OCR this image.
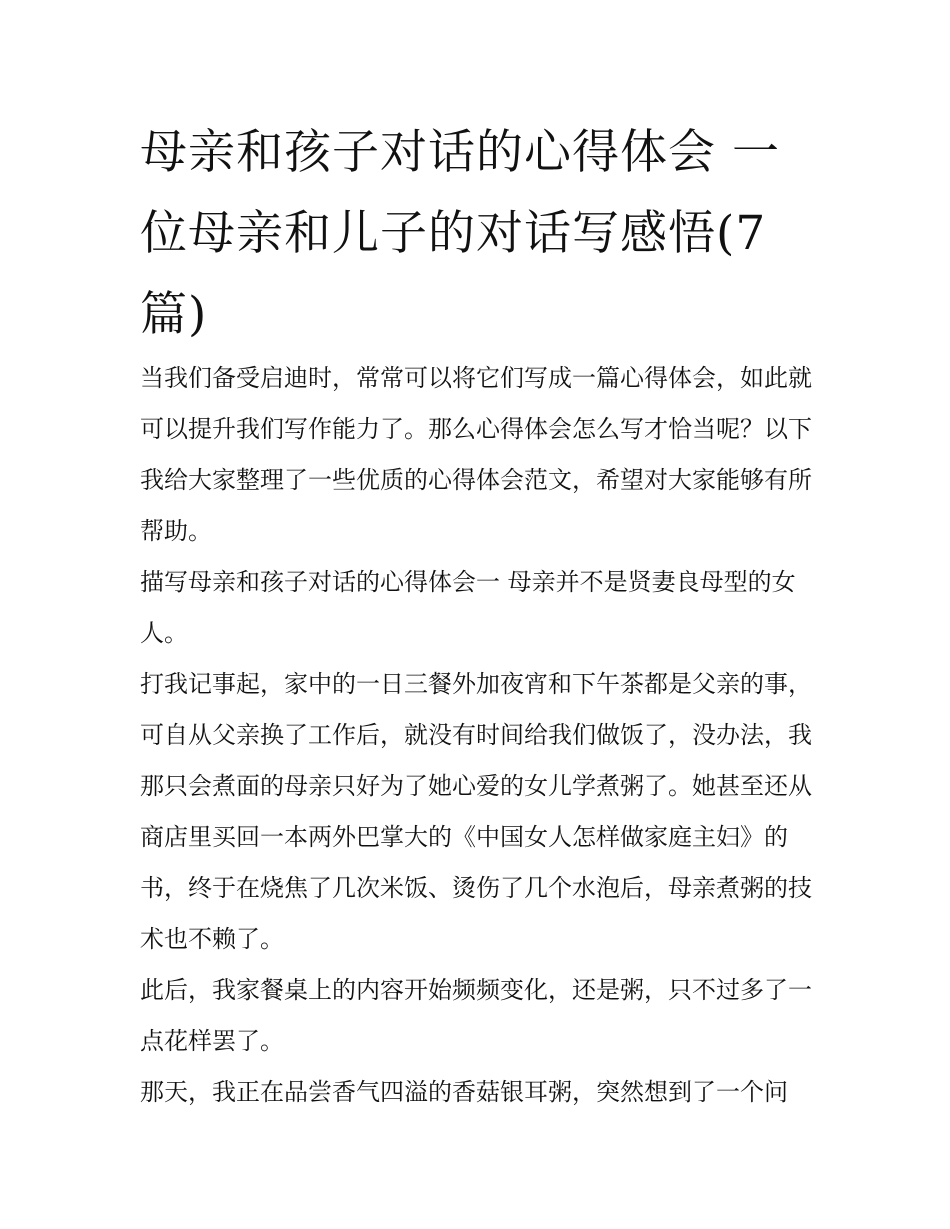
母亲和孩子对话的心得体会 一位母亲和儿子的对话写感悟(7篇)

当我们备受启迪时，常常可以将它们写成一篇心得体会，如此就可以提升我们写作能力了。那么心得体会怎么写才恰当呢？以下我给大家整理了一些优质的心得体会范文，希望对大家能够有所帮助。

描写母亲和孩子对话的心得体会一 母亲并不是贤妻良母型的女人。

打我记事起，家中的一日三餐外加夜宵和下午茶都是父亲的事，可自从父亲换了工作后，就没有时间给我们做饭了，没办法，我那只会煮面的母亲只好为了她心爱的女儿学煮粥了。她甚至还从商店里买回一本两外巴掌大的《中国女人怎样做家庭主妇》的书，终于在烧焦了几次米饭、烫伤了几个水泡后，母亲煮粥的技术也不赖了。

此后，我家餐桌上的内容开始频频变化，还是粥，只不过多了一点花样罢了。

那天，我正在品尝香气四溢的香菇银耳粥，突然想到了一个问
